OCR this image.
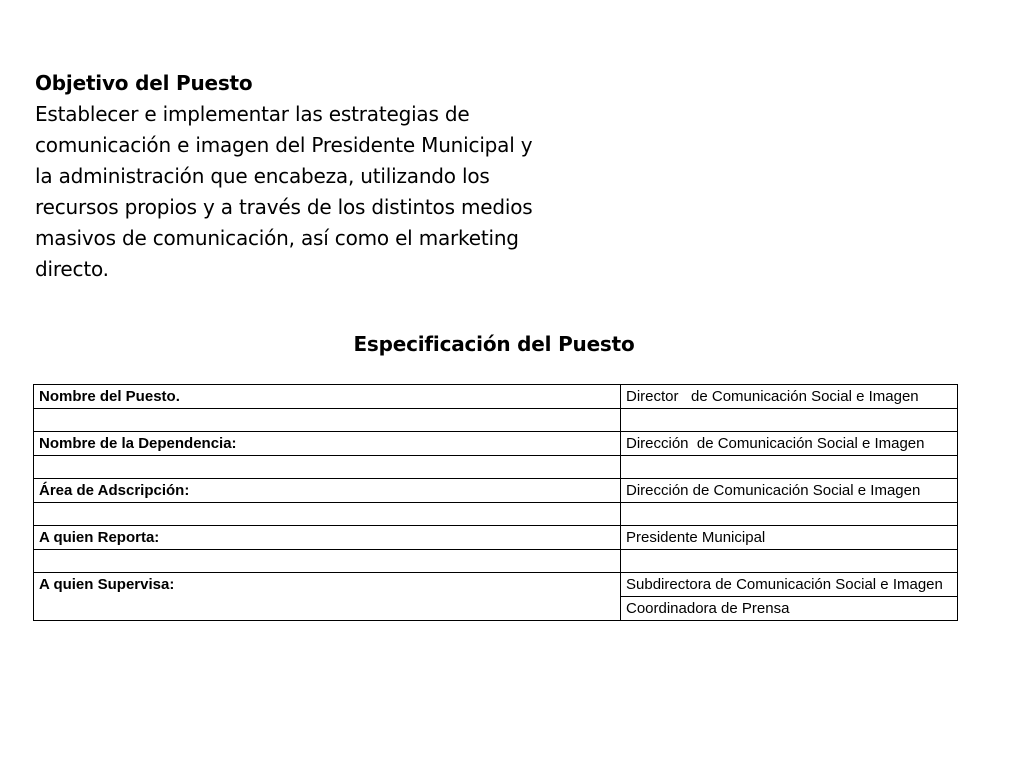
Objetivo del Puesto
Establecer e implementar las estrategias de comunicación e imagen del Presidente Municipal y la administración que encabeza, utilizando los recursos propios y a través de los distintos medios masivos de comunicación, así como el marketing directo.
Especificación del Puesto
Nombre del Puesto.	Director   de Comunicación Social e Imagen

Nombre de la Dependencia:	Dirección  de Comunicación Social e Imagen

Área de Adscripción:	Dirección de Comunicación Social e Imagen

A quien Reporta:	Presidente Municipal

A quien Supervisa:	Subdirectora de Comunicación Social e Imagen

	Coordinadora de Prensa
